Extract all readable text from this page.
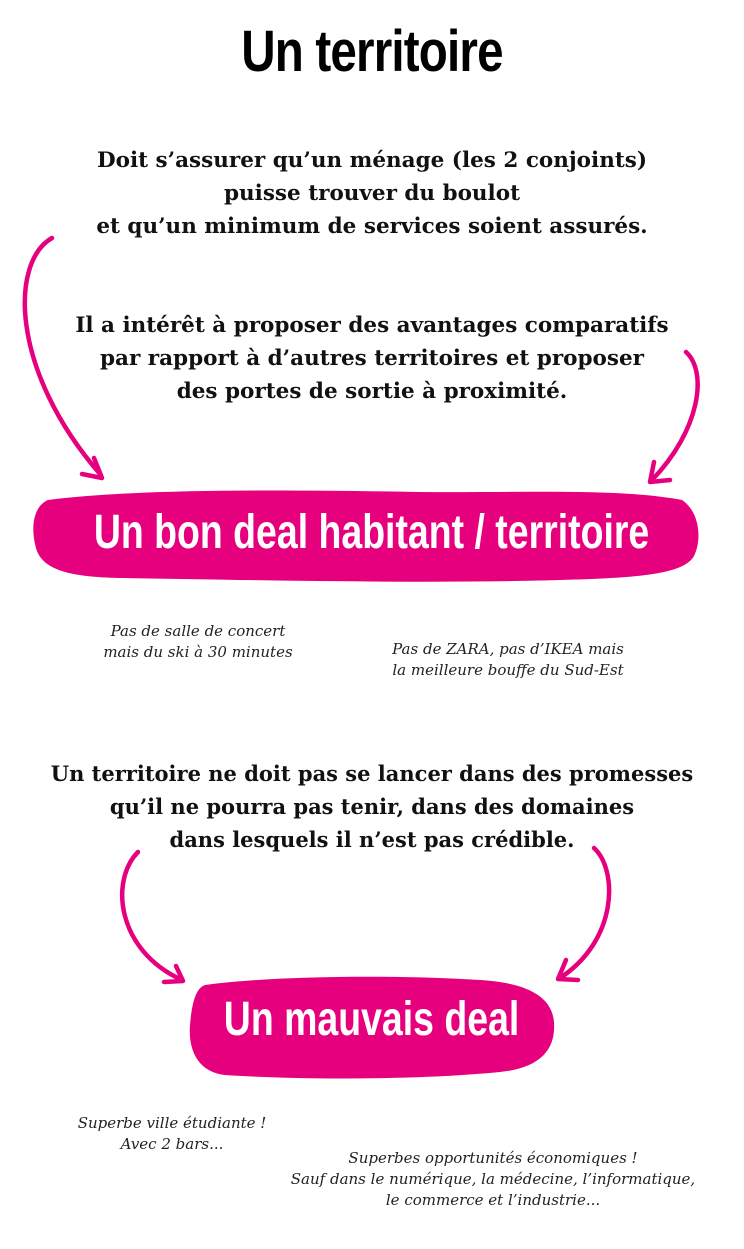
Un territoire
Doit s’assurer qu’un ménage (les 2 conjoints)
puisse trouver du boulot
et qu’un minimum de services soient assurés.
Il a intérêt à proposer des avantages comparatifs
par rapport à d’autres territoires et proposer
des portes de sortie à proximité.
Un bon deal habitant / territoire
Pas de salle de concert
mais du ski à 30 minutes	Pas de ZARA, pas d’IKEA mais
la meilleure bouffe du Sud-Est
Un territoire ne doit pas se lancer dans des promesses
qu’il ne pourra pas tenir, dans des domaines
dans lesquels il n’est pas crédible.
Un mauvais deal
Superbe ville étudiante !
Avec 2 bars...
Superbes opportunités économiques !
Sauf dans le numérique, la médecine, l’informatique,
le commerce et l’industrie...
